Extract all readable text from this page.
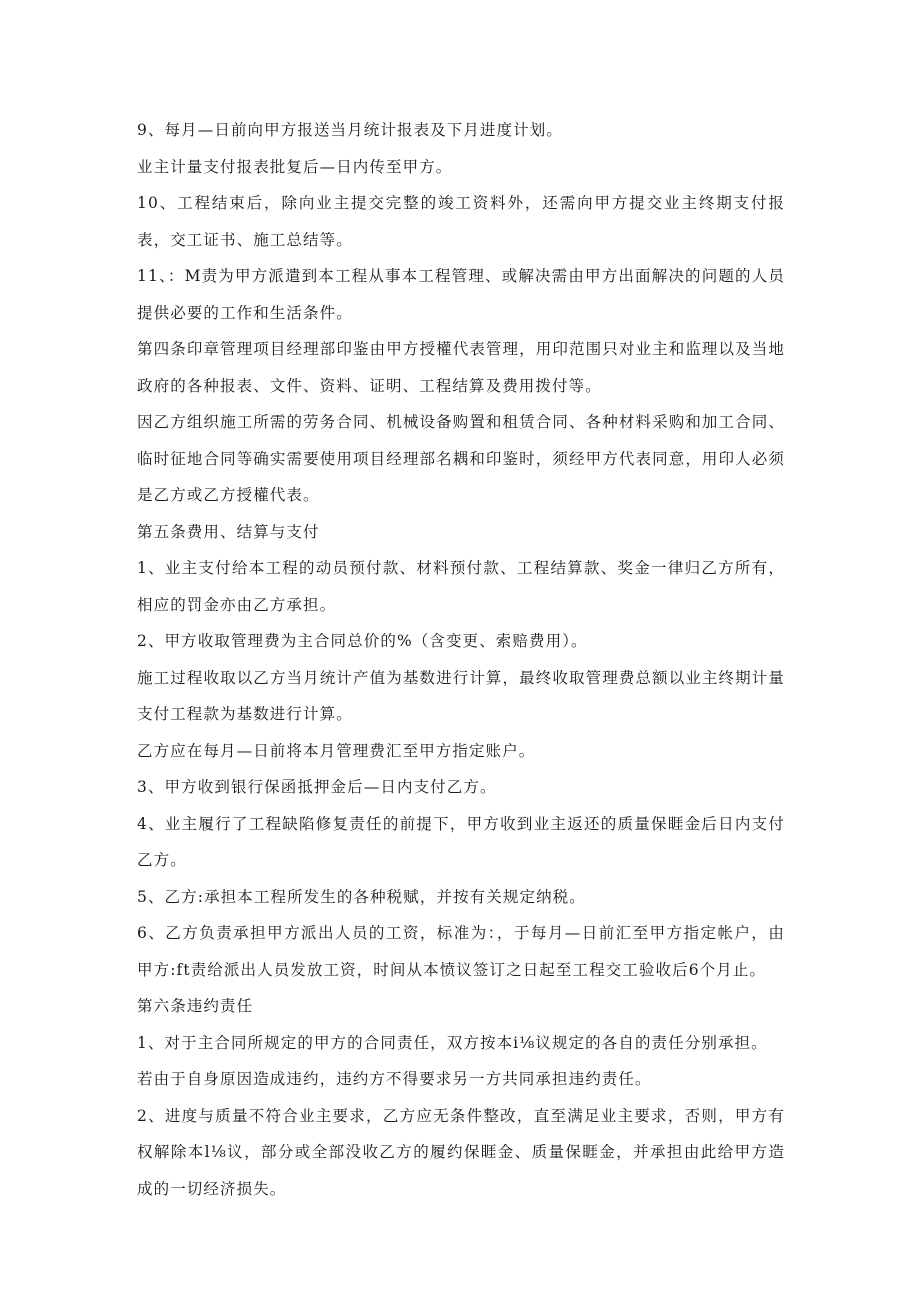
9、每月—日前向甲方报送当月统计报表及下月进度计划。

业主计量支付报表批复后—日内传至甲方。

10、工程结束后，除向业主提交完整的竣工资料外，还需向甲方提交业主终期支付报表，交工证书、施工总结等。

11、：M责为甲方派遣到本工程从事本工程管理、或解决需由甲方出面解决的问题的人员提供必要的工作和生活条件。

第四条印章管理项目经理部印鉴由甲方授權代表管理，用印范围只对业主和监理以及当地政府的各种报表、文件、资料、证明、工程结算及费用拨付等。

因乙方组织施工所需的劳务合同、机械设备购置和租赁合同、各种材料采购和加工合同、临时征地合同等确实需要使用项目经理部名耦和印鉴时，须经甲方代表同意，用印人必须是乙方或乙方授權代表。

第五条费用、结算与支付

1、业主支付给本工程的动员预付款、材料预付款、工程结算款、奖金一律归乙方所有，相应的罚金亦由乙方承担。

2、甲方收取管理费为主合同总价的%（含变更、索赔费用）。

施工过程收取以乙方当月统计产值为基数进行计算，最终收取管理费总额以业主终期计量支付工程款为基数进行计算。

乙方应在每月—日前将本月管理费汇至甲方指定账户。

3、甲方收到银行保函抵押金后—日内支付乙方。

4、业主履行了工程缺陷修复责任的前提下，甲方收到业主返还的质量保睚金后日内支付乙方。

5、乙方:承担本工程所发生的各种税赋，并按有关规定纳税。

6、乙方负责承担甲方派出人员的工资，标准为：，于每月—日前汇至甲方指定帐户，由甲方:ft责给派出人员发放工资，时间从本愤议签订之日起至工程交工验收后6个月止。

第六条违约责任

1、对于主合同所规定的甲方的合同责任，双方按本i⅛议规定的各自的责任分别承担。

若由于自身原因造成违约，违约方不得要求另一方共同承担违约责任。

2、进度与质量不符合业主要求，乙方应无条件整改，直至满足业主要求，否则，甲方有权解除本l⅛议，部分或全部没收乙方的履约保睚金、质量保睚金，并承担由此给甲方造成的一切经济损失。
